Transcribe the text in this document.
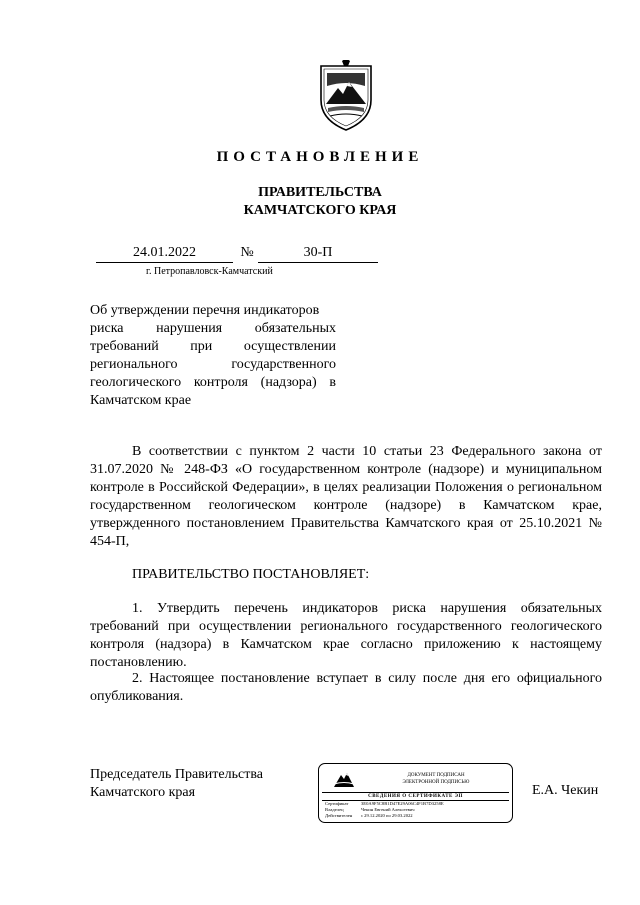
ПОСТАНОВЛЕНИЕ
ПРАВИТЕЛЬСТВА
КАМЧАТСКОГО КРАЯ
24.01.2022	№	30-П
г. Петропавловск-Камчатский
Об утверждении перечня индикаторов
риска нарушения обязательных
требований при осуществлении
регионального государственного
геологического контроля (надзора) в
Камчатском крае
В соответствии с пунктом 2 части 10 статьи 23 Федерального закона от 31.07.2020 № 248-ФЗ «О государственном контроле (надзоре) и муниципальном контроле в Российской Федерации», в целях реализации Положения о региональном государственном геологическом контроле (надзоре) в Камчатском крае, утвержденного постановлением Правительства Камчатского края от 25.10.2021 № 454-П,
ПРАВИТЕЛЬСТВО ПОСТАНОВЛЯЕТ:
1. Утвердить перечень индикаторов риска нарушения обязательных требований при осуществлении регионального государственного геологического контроля (надзора) в Камчатском крае согласно приложению к настоящему постановлению.
2. Настоящее постановление вступает в силу после дня его официального опубликования.
Председатель Правительства
Камчатского края
ДОКУМЕНТ ПОДПИСАН
ЭЛЕКТРОННОЙ ПОДПИСЬЮ
СВЕДЕНИЯ О СЕРТИФИКАТЕ ЭП
Сертификат	3E0A9F5C8B1D47E29A06C4F1B7D3258E
Владелец	Чекин Евгений Алексеевич
Действителен с 29.12.2020 по 29.03.2022
Е.А. Чекин
